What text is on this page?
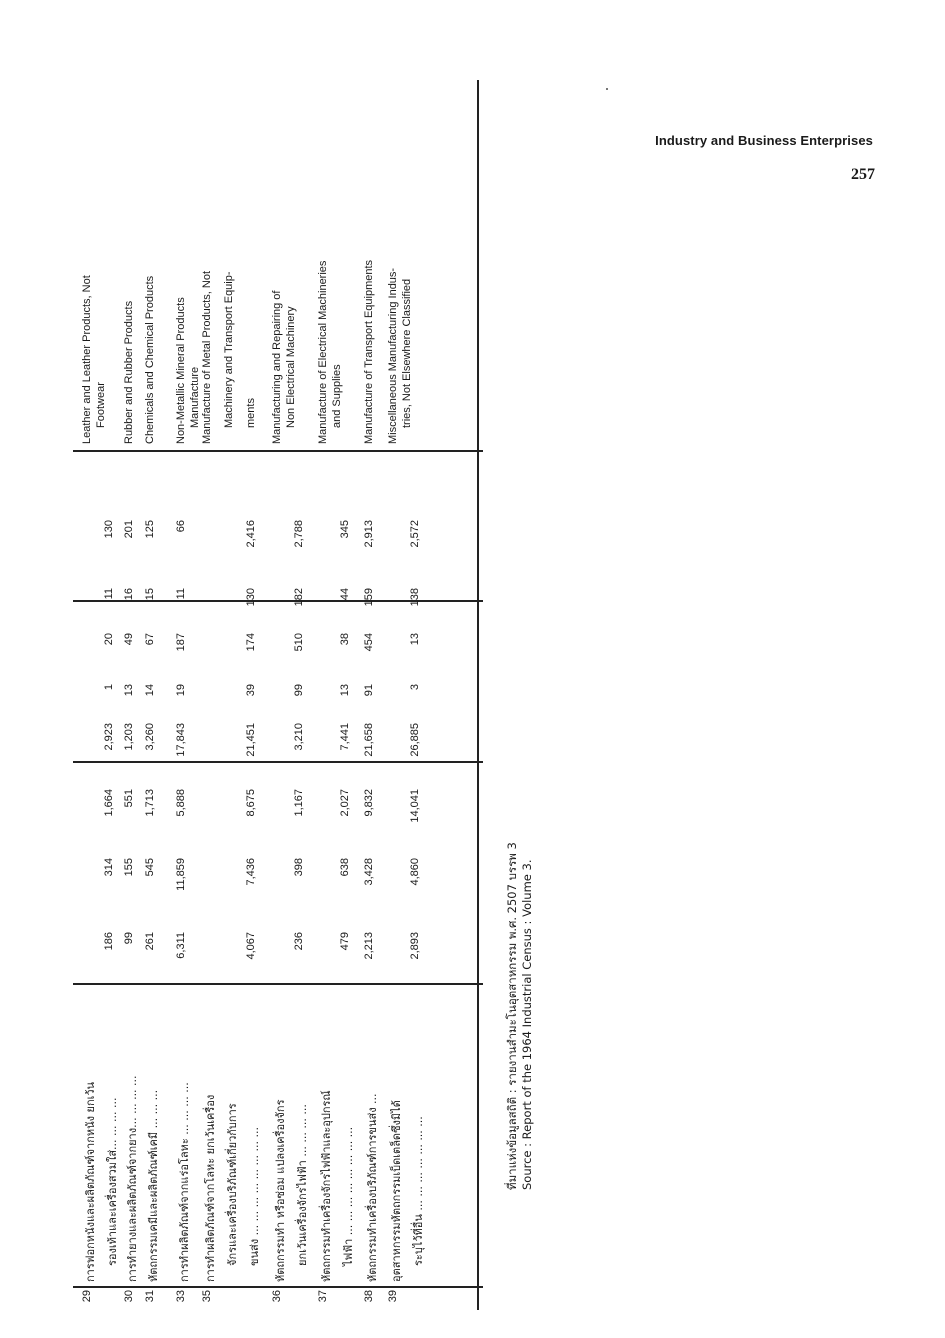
Industry and Business Enterprises
257
29
การฟอกหนังและผลิตภัณฑ์จากหนัง ยกเว้น รองเท้าและเครื่องสวมใส่... ... ... ...
186
314
1,664
2,923
1
20
11
130
Leather and Leather Products, Not Footwear
30
การทำยางและผลิตภัณฑ์จากยาง... ... ... ...
99
155
551
1,203
13
49
16
201
Rubber and Rubber Products
31
หัตถกรรมเคมีและผลิตภัณฑ์เคมี ... ... ...
261
545
1,713
3,260
14
67
15
125
Chemicals and Chemical Products
33
การทำผลิตภัณฑ์จากแร่อโลหะ ... ... ... ...
6,311
11,859
5,888
17,843
19
187
11
66
Non-Metallic Mineral Products Manufacture
35
การทำผลิตภัณฑ์จากโลหะ ยกเว้นเครื่อง จักรและเครื่องบริภัณฑ์เกี่ยวกับการ ขนส่ง ... ... ... ... ... ... ... ...
4,067
7,436
8,675
21,451
39
174
130
2,416
Manufacture of Metal Products, Not Machinery and Transport Equip- ments
36
หัตถกรรมทำ หรือซ่อม แปลงเครื่องจักร ยกเว้นเครื่องจักรไฟฟ้า ... ... ... ...
236
398
1,167
3,210
99
510
182
2,788
Manufacturing and Repairing of Non Electrical Machinery
37
หัตถกรรมทำเครื่องจักรไฟฟ้าและอุปกรณ์ ไฟฟ้า ... ... ... ... ... ... ... ...
479
638
2,027
7,441
13
38
44
345
Manufacture of Electrical Machineries and Supplies
38
หัตถกรรมทำเครื่องบริภัณฑ์การขนส่ง ...
2,213
3,428
9,832
21,658
91
454
159
2,913
Manufacture of Transport Equipments
39
อุตสาหกรรมหัตถกรรมเบ็ดเตล็ดซึ่งมิได้ ระบุไว้ที่อื่น ... ... ... ... ... ... ...
2,893
4,860
14,041
26,885
3
13
138
2,572
Miscellaneous Manufacturing Indus- tries, Not Elsewhere Classified
ที่มาแห่งข้อมูลสถิติ : รายงานสำมะโนอุตสาหกรรม พ.ศ. 2507 บรรพ 3 Source : Report of the 1964 Industrial Census : Volume 3.
